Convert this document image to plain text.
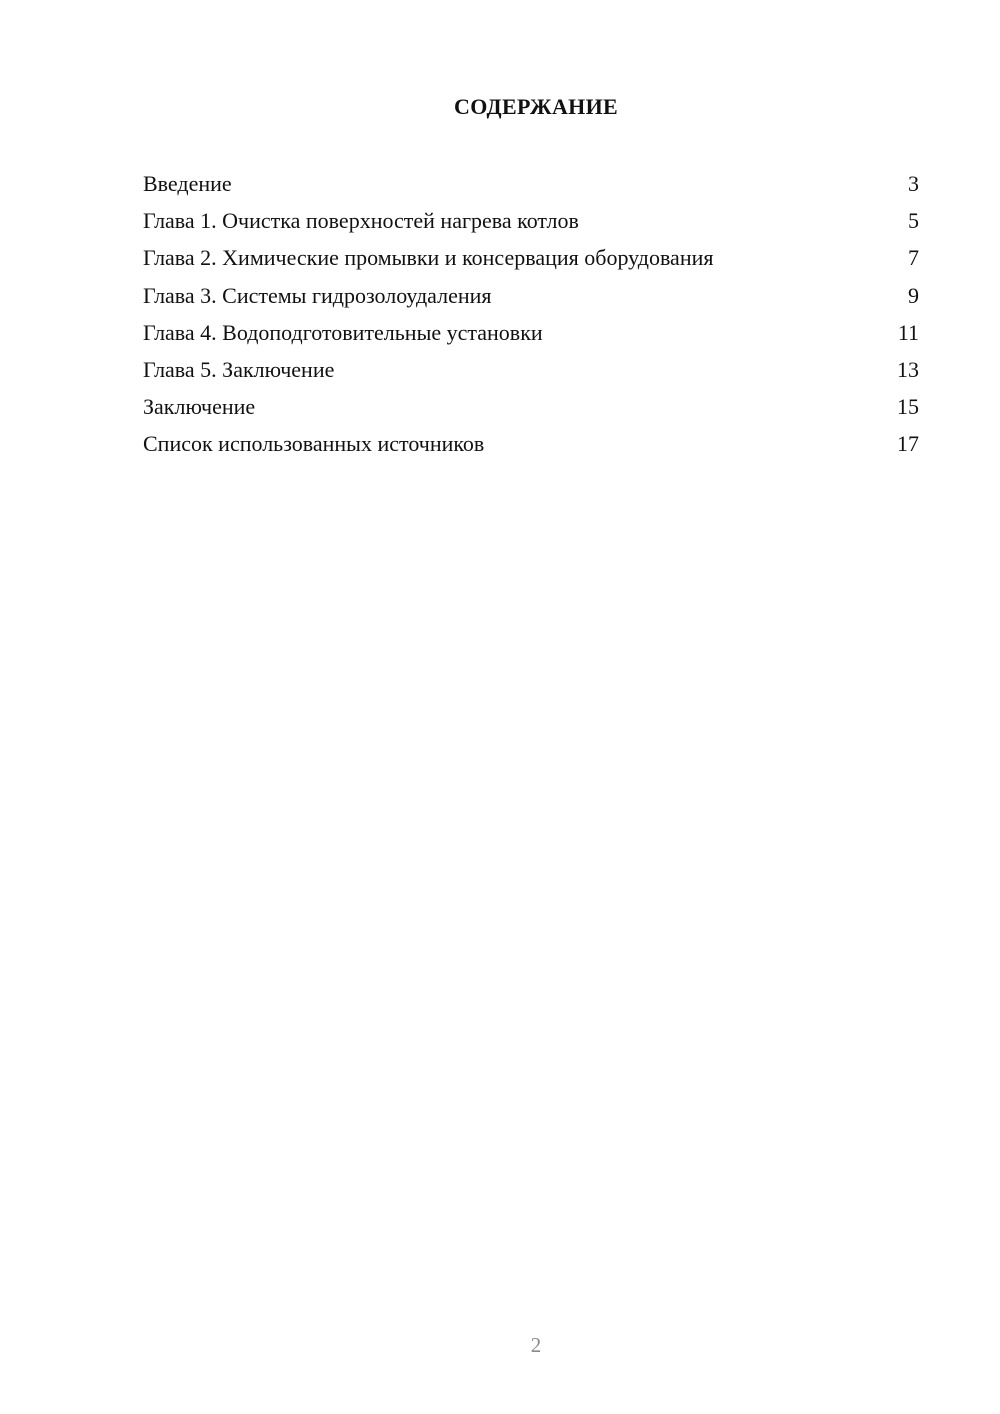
СОДЕРЖАНИЕ
Введение	3
Глава 1. Очистка поверхностей нагрева котлов	5
Глава 2. Химические промывки и консервация оборудования	7
Глава 3. Системы гидрозолоудаления	9
Глава 4. Водоподготовительные установки	11
Глава 5. Заключение	13
Заключение	15
Список использованных источников	17
2
